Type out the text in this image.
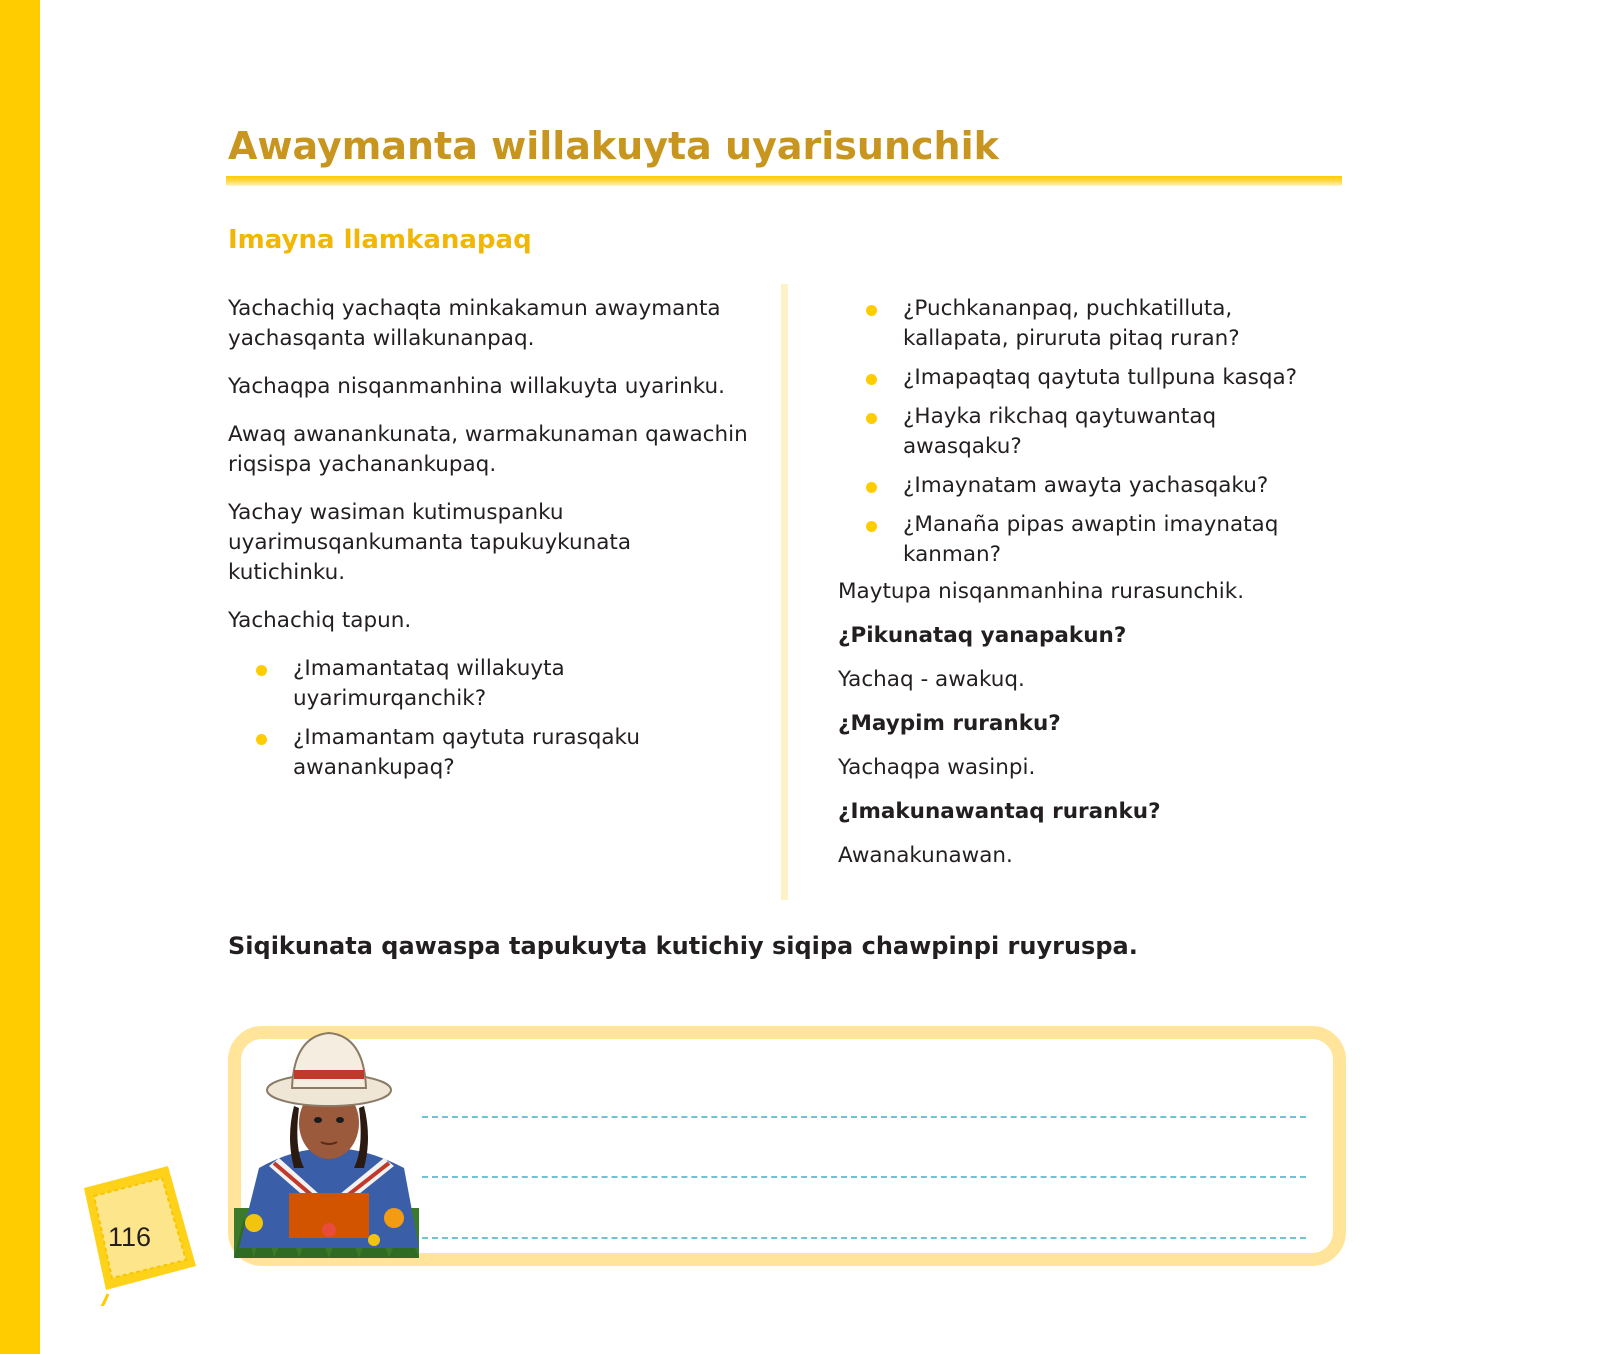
Awaymanta willakuyta uyarisunchik
Imayna llamkanapaq

Yachachiq yachaqta minkakamun awaymanta yachasqanta willakunanpaq.

Yachaqpa nisqanmanhina willakuyta uyarinku.

Awaq awanankunata, warmakunaman qawachin riqsispa yachanankupaq.

Yachay wasiman kutimuspanku uyarimusqankumanta tapukuykunata kutichinku.

Yachachiq tapun.

¿Imamantataq willakuyta uyarimurqanchik?
¿Imamantam qaytuta rurasqaku awanankupaq?
¿Puchkananpaq, puchkatilluta, kallapata, piruruta pitaq ruran?
¿Imapaqtaq qaytuta tullpuna kasqa?
¿Hayka rikchaq qaytuwantaq awasqaku?
¿Imaynatam awayta yachasqaku?
¿Manaña pipas awaptin imaynataq kanman?

Maytupa nisqanmanhina rurasunchik.

¿Pikunataq yanapakun?

Yachaq - awakuq.

¿Maypim ruranku?

Yachaqpa wasinpi.

¿Imakunawantaq ruranku?

Awanakunawan.

Siqikunata qawaspa tapukuyta kutichiy siqipa chawpinpi ruyruspa.

116
